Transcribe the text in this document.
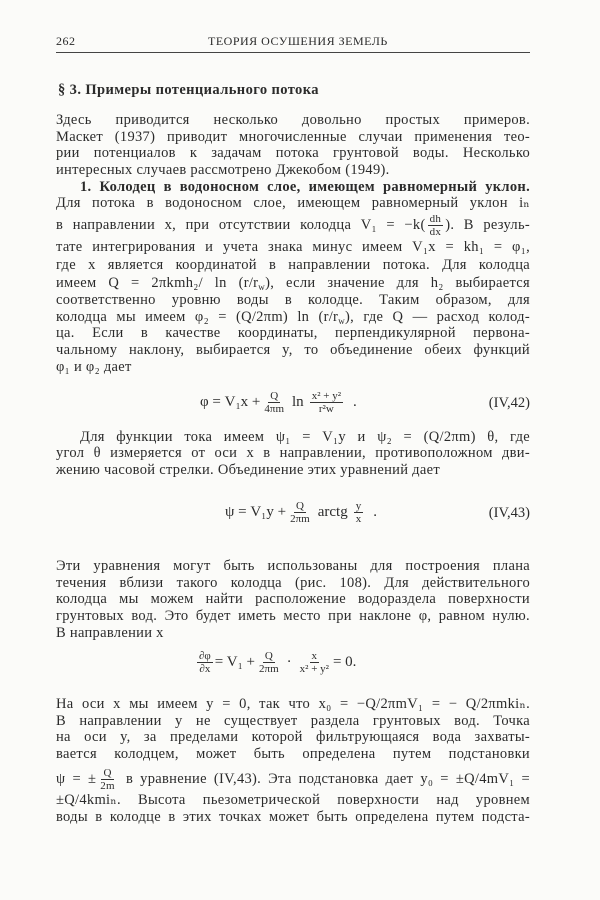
262	ТЕОРИЯ ОСУШЕНИЯ ЗЕМЕЛЬ
§ 3. Примеры потенциального потока
Здесь приводится несколько довольно простых примеров.
Маскет (1937) приводит многочисленные случаи применения тео-
рии потенциалов к задачам потока грунтовой воды. Несколько
интересных случаев рассмотрено Джекобом (1949).
1. Колодец в водоносном слое, имеющем равномерный уклон.
Для потока в водоносном слое, имеющем равномерный уклон iₙ
в направлении x, при отсутствии колодца $V_1 = -k( \frac{dh}{dx}$ ). В резуль-
тате интегрирования и учета знака минус имеем V₁x = kh₁ = φ₁,
где x является координатой в направлении потока. Для колодца
имеем Q = 2πkmh₂/ $\ln (r/r_w)$, если значение для h₂ выбирается
соответственно уровню воды в колодце. Таким образом, для
колодца мы имеем φ₂ = (Q/2πm) $\ln (r/r_w)$, где Q — расход колод-
ца. Если в качестве координаты, перпендикулярной первона-
чальному наклону, выбирается y, то объединение обеих функций
φ₁ и φ₂ дает
$\varphi = V_1x + \frac{Q}{4\pi m}$ $\ln \frac{\text{x² + y²}}{\text{r²w}}$ .	(IV,42)
Для функции тока имеем ψ₁ = V₁y и ψ₂ = (Q/2πm) θ, где
угол θ измеряется от оси x в направлении, противоположном дви-
жению часовой стрелки. Объединение этих уравнений дает
$\psi = V_1y + \frac{Q}{2\pi m}$ arctg $\frac{y}{x}$ .	(IV,43)
Эти уравнения могут быть использованы для построения плана
течения вблизи такого колодца (рис. 108). Для действительного
колодца мы можем найти расположение водораздела поверхности
грунтовых вод. Это будет иметь место при наклоне φ, равном нулю.
В направлении x
$\frac{\partial\varphi}{\partial x} = V_1 + \frac{Q}{2\pi m} \cdot \frac{x}{\text{x² + y²}} = 0$.
На оси x мы имеем y = 0, так что x₀ = −Q/2πmV₁ = − Q/2πmkiₙ.
В направлении y не существует раздела грунтовых вод. Точка
на оси y, за пределами которой фильтрующаяся вода захваты-
вается колодцем, может быть определена путем подстановки
ψ = ± $\frac{Q}{2m}$ в уравнение (IV,43). Эта подстановка дает y₀ = ±Q/4mV₁ =
±Q/4kmiₙ. Высота пьезометрической поверхности над уровнем
воды в колодце в этих точках может быть определена путем подста-
